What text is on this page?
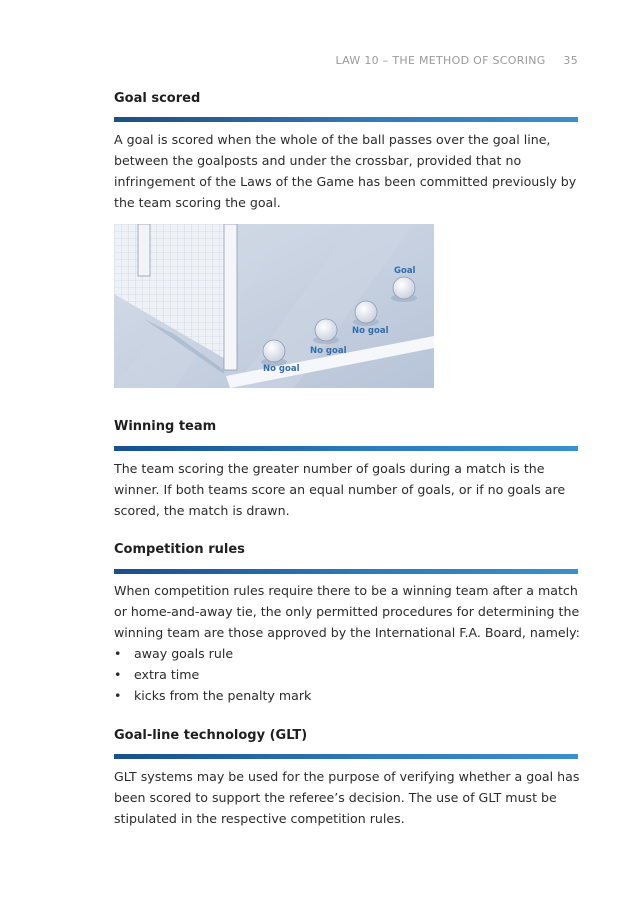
LAW 10 – THE METHOD OF SCORING 35
Goal scored

A goal is scored when the whole of the ball passes over the goal line, between the goalposts and under the crossbar, provided that no infringement of the Laws of the Game has been committed previously by the team scoring the goal.

Goal
No goal
No goal
No goal
Winning team

The team scoring the greater number of goals during a match is the winner. If both teams score an equal number of goals, or if no goals are scored, the match is drawn.

Competition rules

When competition rules require there to be a winning team after a match or home-and-away tie, the only permitted procedures for determining the winning team are those approved by the International F.A. Board, namely:

• away goals rule
• extra time
• kicks from the penalty mark
Goal-line technology (GLT)

GLT systems may be used for the purpose of verifying whether a goal has been scored to support the referee’s decision. The use of GLT must be stipulated in the respective competition rules.
